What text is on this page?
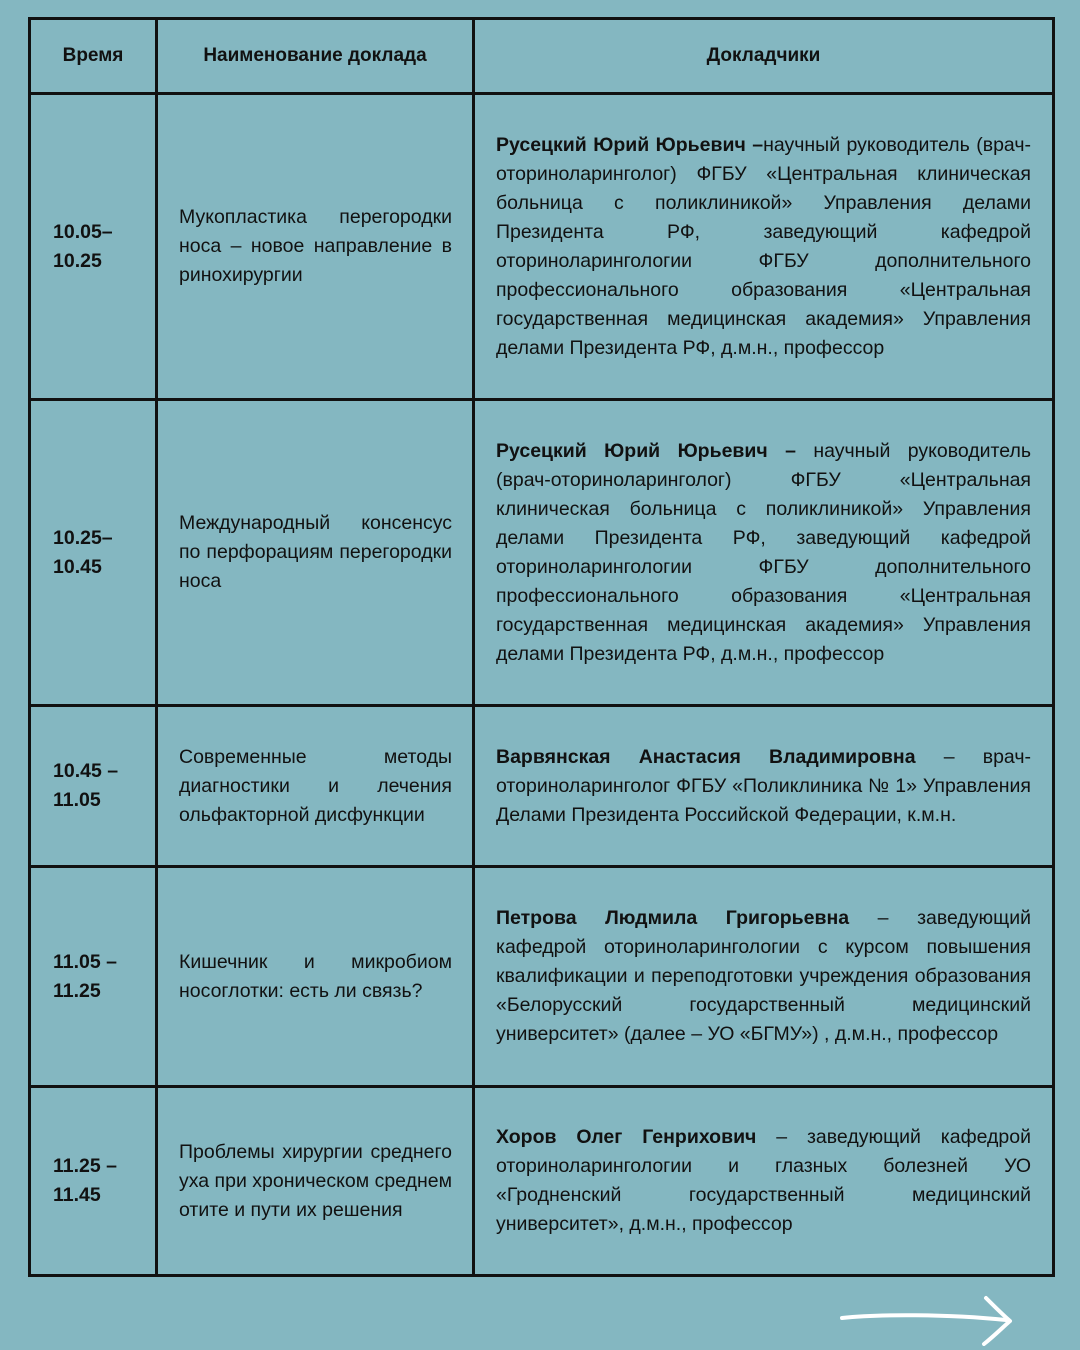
Время	Наименование доклада	Докладчики
10.05–
10.25	Мукопластика перегородки носа – новое направление в ринохирургии	Русецкий Юрий Юрьевич –научный руководитель (врач-оториноларинголог) ФГБУ «Центральная клиническая больница с поликлиникой» Управления делами Президента РФ, заведующий кафедрой оториноларингологии ФГБУ дополнительного профессионального образования «Центральная государственная медицинская академия» Управления делами Президента РФ, д.м.н., профессор
10.25–
10.45	Международный консенсус по перфорациям перегородки носа	Русецкий Юрий Юрьевич – научный руководитель (врач-оториноларинголог) ФГБУ «Центральная клиническая больница с поликлиникой» Управления делами Президента РФ, заведующий кафедрой оториноларингологии ФГБУ дополнительного профессионального образования «Центральная государственная медицинская академия» Управления делами Президента РФ, д.м.н., профессор
10.45 –
11.05	Современные методы диагностики и лечения ольфакторной дисфункции	Варвянская Анастасия Владимировна – врач-оториноларинголог ФГБУ «Поликлиника № 1» Управления Делами Президента Российской Федерации, к.м.н.
11.05 –
11.25	Кишечник и микробиом носоглотки: есть ли связь?	Петрова Людмила Григорьевна – заведующий кафедрой оториноларингологии с курсом повышения квалификации и переподготовки учреждения образования «Белорусский государственный медицинский университет» (далее – УО «БГМУ») , д.м.н., профессор
11.25 –
11.45	Проблемы хирургии среднего уха при хроническом среднем отите и пути их решения	Хоров Олег Генрихович – заведующий кафедрой оториноларингологии и глазных болезней УО «Гродненский государственный медицинский университет», д.м.н., профессор
